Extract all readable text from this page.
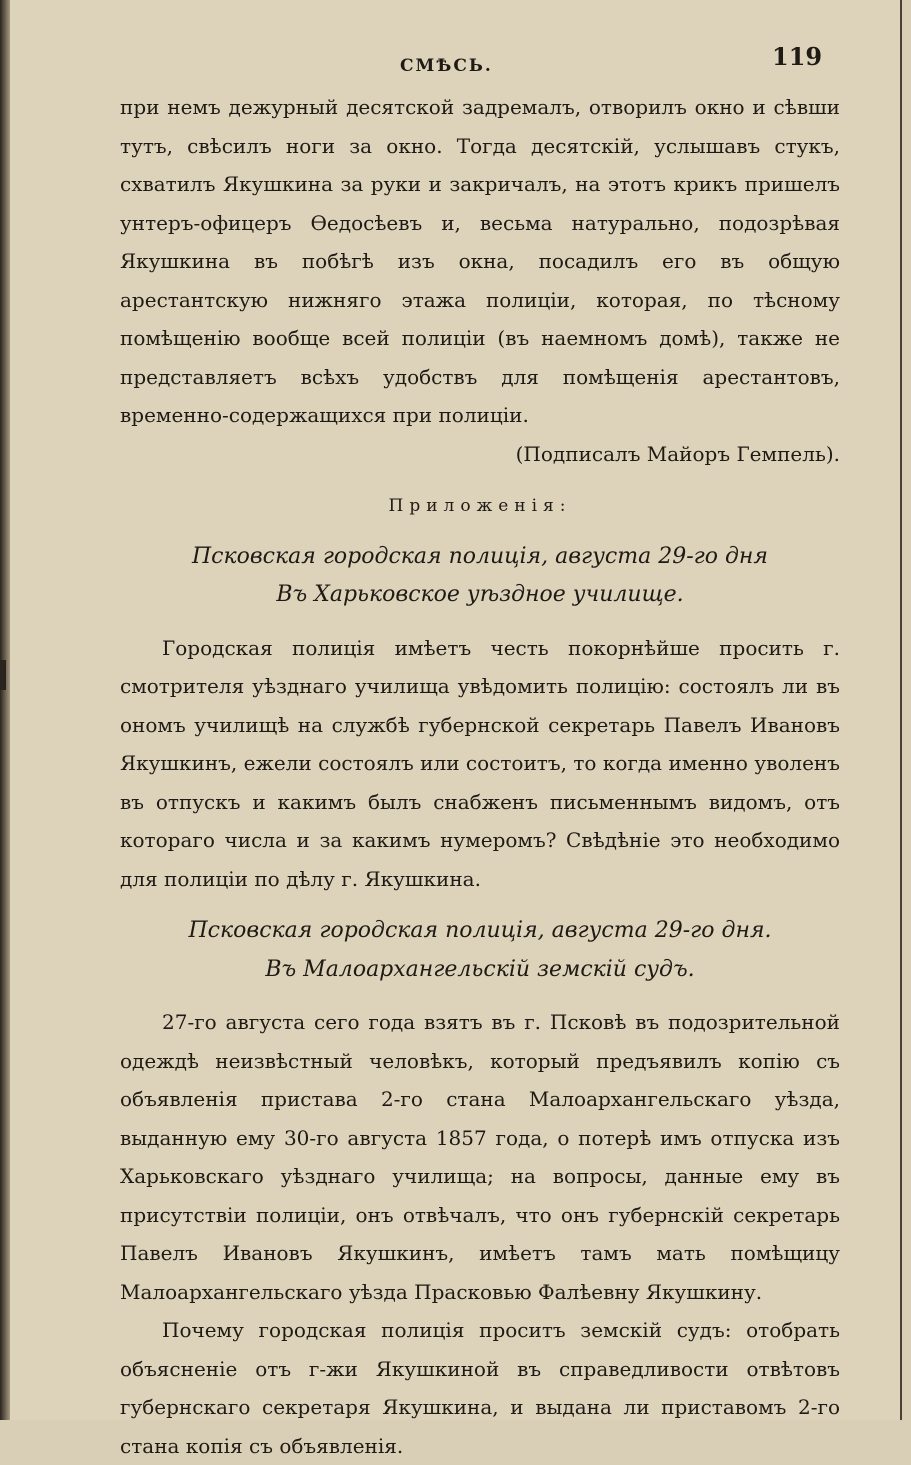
СМѢСЬ.	119

при немъ дежурный десятской задремалъ, отворилъ окно и сѣвши тутъ, свѣсилъ ноги за окно. Тогда десятскій, услышавъ стукъ, схватилъ Якушкина за руки и закричалъ, на этотъ крикъ пришелъ унтеръ-офицеръ Ѳедосѣевъ и, весьма натурально, подозрѣвая Якушкина въ побѣгѣ изъ окна, посадилъ его въ общую арестантскую нижняго этажа полиціи, которая, по тѣсному помѣщенію вообще всей полиціи (въ наемномъ домѣ), также не представляетъ всѣхъ удобствъ для помѣщенія арестантовъ, временно-содержащихся при полиціи.

(Подписалъ Майоръ Гемпель).

Приложенія:

Псковская городская полиція, августа 29-го дня

Въ Харьковское уѣздное училище.

Городская полиція имѣетъ честь покорнѣйше просить г. смотрителя уѣзднаго училища увѣдомить полицію: состоялъ ли въ ономъ училищѣ на службѣ губернской секретарь Павелъ Ивановъ Якушкинъ, ежели состоялъ или состоитъ, то когда именно уволенъ въ отпускъ и какимъ былъ снабженъ письменнымъ видомъ, отъ котораго числа и за какимъ нумеромъ? Свѣдѣніе это необходимо для полиціи по дѣлу г. Якушкина.

Псковская городская полиція, августа 29-го дня.

Въ Малоархангельскій земскій судъ.

27-го августа сего года взятъ въ г. Псковѣ въ подозрительной одеждѣ неизвѣстный человѣкъ, который предъявилъ копію съ объявленія пристава 2-го стана Малоархангельскаго уѣзда, выданную ему 30-го августа 1857 года, о потерѣ имъ отпуска изъ Харьковскаго уѣзднаго училища; на вопросы, данные ему въ присутствіи полиціи, онъ отвѣчалъ, что онъ губернскій секретарь Павелъ Ивановъ Якушкинъ, имѣетъ тамъ мать помѣщицу Малоархангельскаго уѣзда Прасковью Фалѣевну Якушкину.

Почему городская полиція проситъ земскій судъ: отобрать объясненіе отъ г-жи Якушкиной въ справедливости отвѣтовъ губернскаго секретаря Якушкина, и выдана ли приставомъ 2-го стана копія съ объявленія.
